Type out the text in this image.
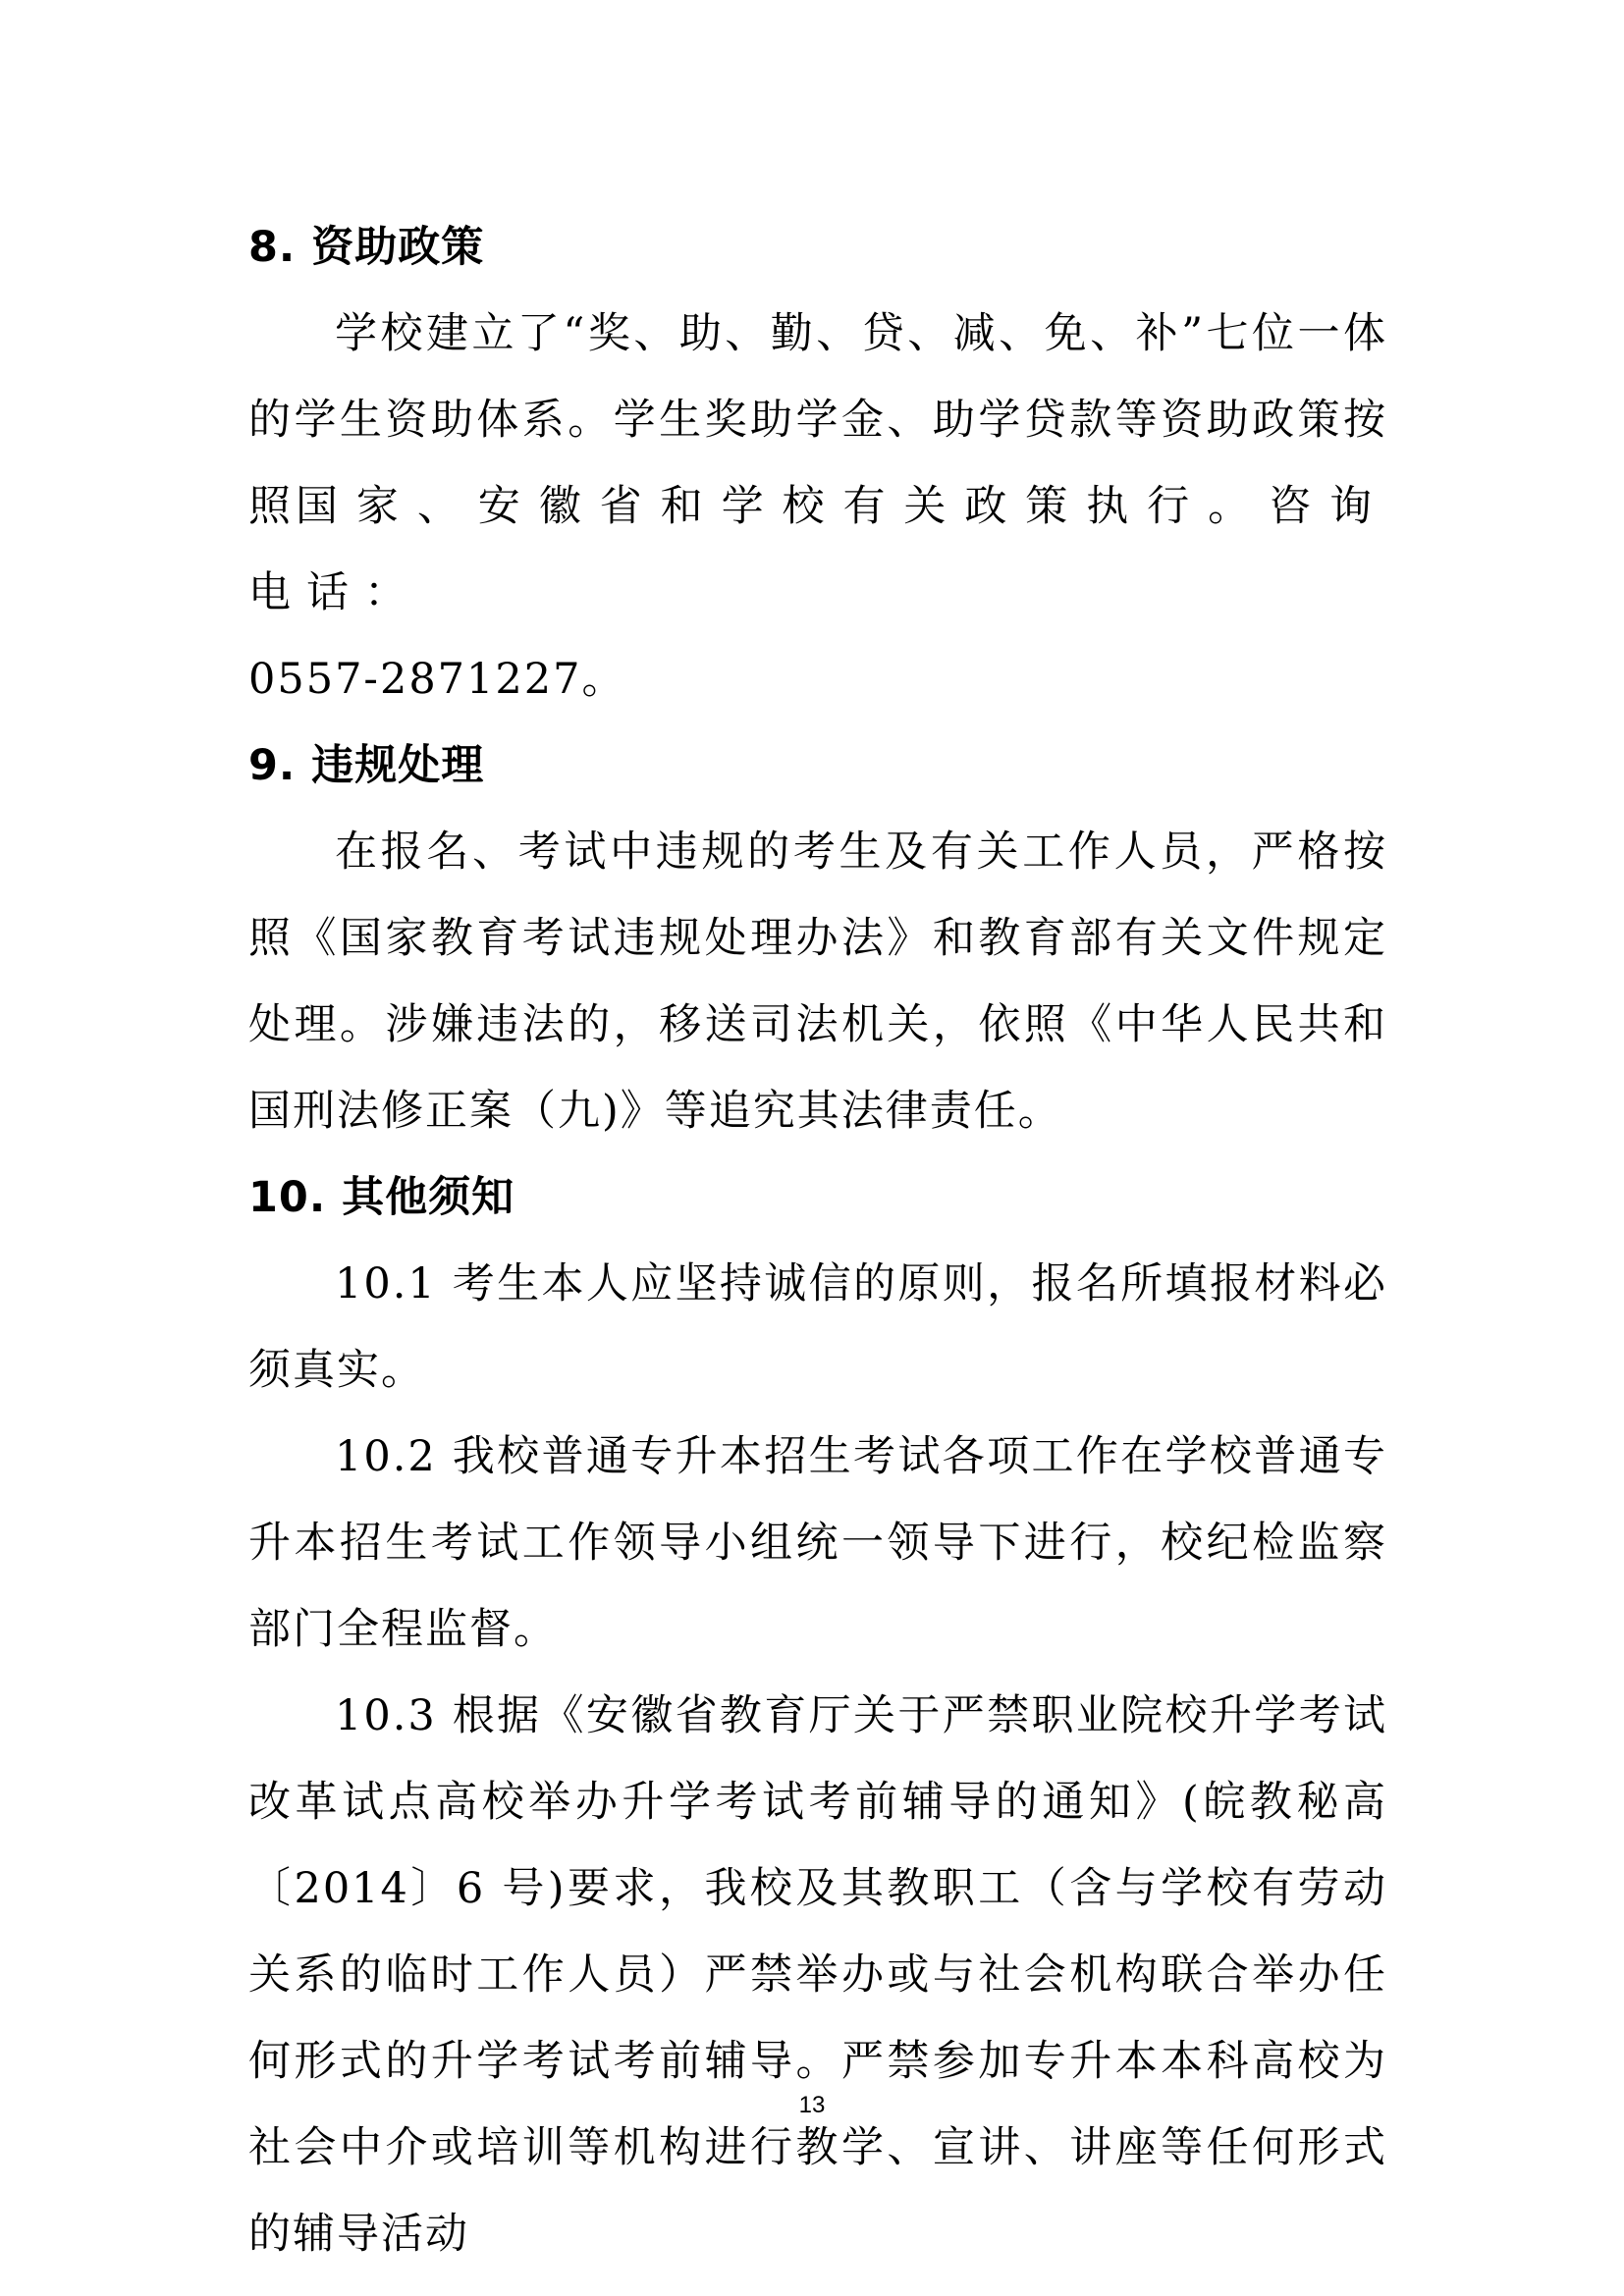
8. 资助政策
学校建立了“奖、助、勤、贷、减、免、补”七位一体的学生资助体系。学生奖助学金、助学贷款等资助政策按照国家、安徽省和学校有关政策执行。咨询电话：
0557-2871227。
9. 违规处理
在报名、考试中违规的考生及有关工作人员，严格按照《国家教育考试违规处理办法》和教育部有关文件规定处理。涉嫌违法的，移送司法机关，依照《中华人民共和国刑法修正案（九)》等追究其法律责任。
10. 其他须知
10.1 考生本人应坚持诚信的原则，报名所填报材料必须真实。
10.2 我校普通专升本招生考试各项工作在学校普通专升本招生考试工作领导小组统一领导下进行，校纪检监察部门全程监督。
10.3 根据《安徽省教育厅关于严禁职业院校升学考试改革试点高校举办升学考试考前辅导的通知》(皖教秘高〔2014〕6 号)要求，我校及其教职工（含与学校有劳动关系的临时工作人员）严禁举办或与社会机构联合举办任何形式的升学考试考前辅导。严禁参加专升本本科高校为社会中介或培训等机构进行教学、宣讲、讲座等任何形式的辅导活动
13
